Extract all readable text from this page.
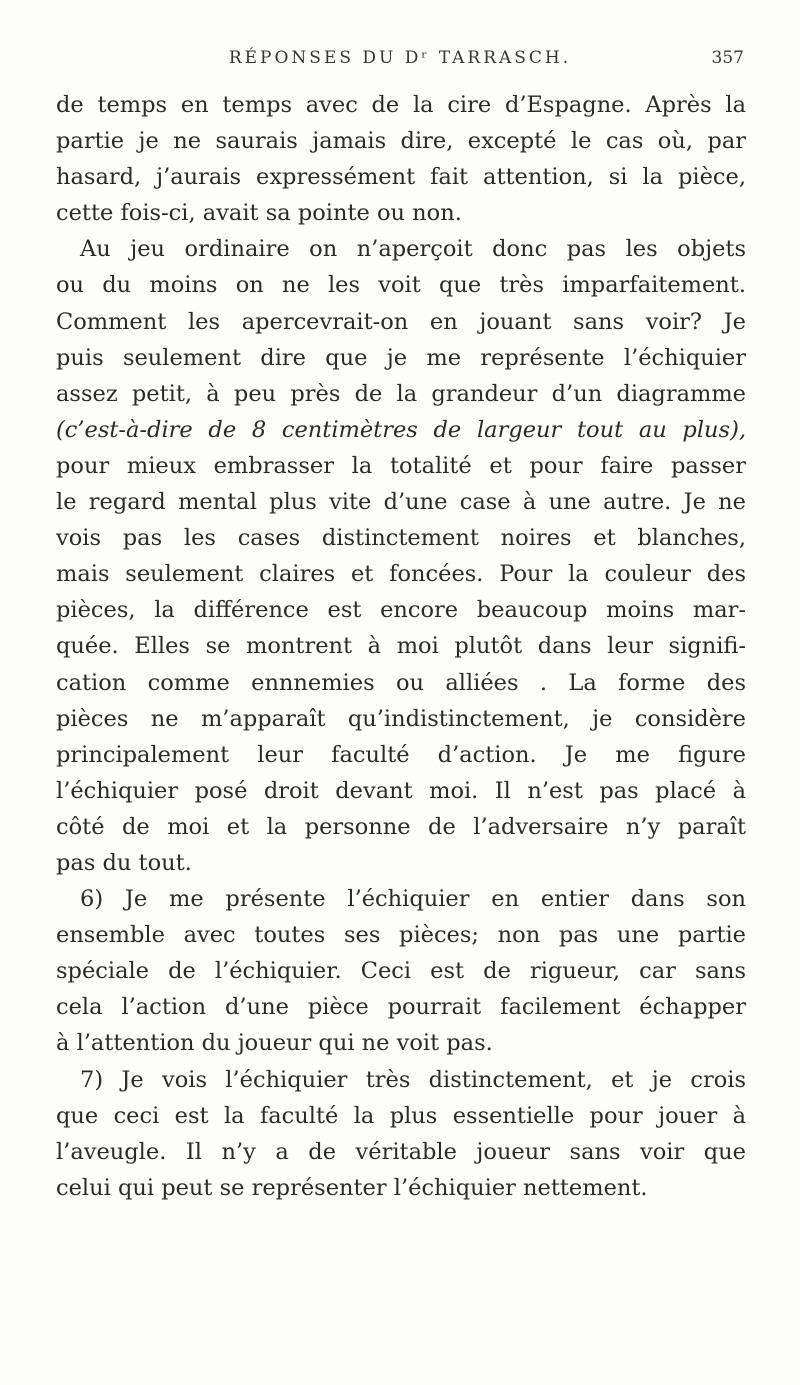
RÉPONSES DU Dʳ TARRASCH.	357
de temps en temps avec de la cire d’Espagne. Après la
partie je ne saurais jamais dire, excepté le cas où, par
hasard, j’aurais expressément fait attention, si la pièce,
cette fois-ci, avait sa pointe ou non.
Au jeu ordinaire on n’aperçoit donc pas les objets
ou du moins on ne les voit que très imparfaitement.
Comment les apercevrait-on en jouant sans voir? Je
puis seulement dire que je me représente l’échiquier
assez petit, à peu près de la grandeur d’un diagramme
(c’est-à-dire de 8 centimètres de largeur tout au plus),
pour mieux embrasser la totalité et pour faire passer
le regard mental plus vite d’une case à une autre. Je ne
vois pas les cases distinctement noires et blanches,
mais seulement claires et foncées. Pour la couleur des
pièces, la différence est encore beaucoup moins mar-
quée. Elles se montrent à moi plutôt dans leur signifi-
cation comme ennnemies ou alliées . La forme des
pièces ne m’apparaît qu’indistinctement, je considère
principalement leur faculté d’action. Je me figure
l’échiquier posé droit devant moi. Il n’est pas placé à
côté de moi et la personne de l’adversaire n’y paraît
pas du tout.
6) Je me présente l’échiquier en entier dans son
ensemble avec toutes ses pièces; non pas une partie
spéciale de l’échiquier. Ceci est de rigueur, car sans
cela l’action d’une pièce pourrait facilement échapper
à l’attention du joueur qui ne voit pas.
7) Je vois l’échiquier très distinctement, et je crois
que ceci est la faculté la plus essentielle pour jouer à
l’aveugle. Il n’y a de véritable joueur sans voir que
celui qui peut se représenter l’échiquier nettement.
